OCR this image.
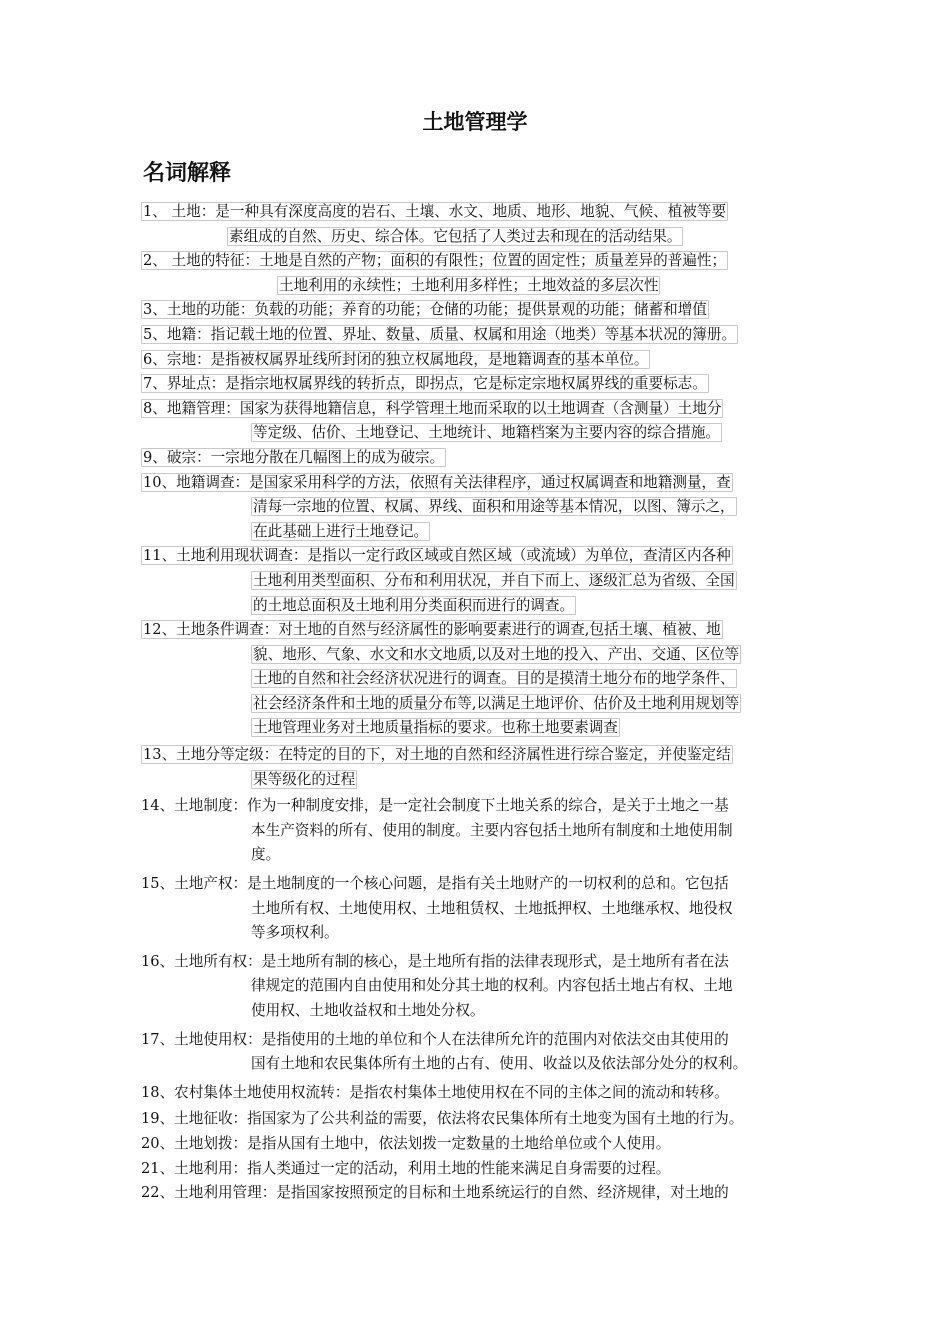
土地管理学
名词解释
1、 土地：是一种具有深度高度的岩石、土壤、水文、地质、地形、地貌、气候、植被等要
素组成的自然、历史、综合体。它包括了人类过去和现在的活动结果。
2、 土地的特征：土地是自然的产物；面积的有限性；位置的固定性；质量差异的普遍性；
土地利用的永续性；土地利用多样性；土地效益的多层次性
3、土地的功能：负载的功能；养育的功能；仓储的功能；提供景观的功能；储蓄和增值
5、地籍：指记载土地的位置、界址、数量、质量、权属和用途（地类）等基本状况的簿册。
6、宗地：是指被权属界址线所封闭的独立权属地段，是地籍调查的基本单位。
7、界址点：是指宗地权属界线的转折点，即拐点，它是标定宗地权属界线的重要标志。
8、地籍管理：国家为获得地籍信息，科学管理土地而采取的以土地调查（含测量）土地分
等定级、估价、土地登记、土地统计、地籍档案为主要内容的综合措施。
9、破宗：一宗地分散在几幅图上的成为破宗。
10、地籍调查：是国家采用科学的方法，依照有关法律程序，通过权属调查和地籍测量，查
清每一宗地的位置、权属、界线、面积和用途等基本情况，以图、簿示之，
在此基础上进行土地登记。
11、土地利用现状调查：是指以一定行政区域或自然区域（或流域）为单位，查清区内各种
土地利用类型面积、分布和利用状况，并自下而上、逐级汇总为省级、全国
的土地总面积及土地利用分类面积而进行的调查。
12、土地条件调查：对土地的自然与经济属性的影响要素进行的调查,包括土壤、植被、地
貌、地形、气象、水文和水文地质,以及对土地的投入、产出、交通、区位等
土地的自然和社会经济状况进行的调查。目的是摸清土地分布的地学条件、
社会经济条件和土地的质量分布等,以满足土地评价、估价及土地利用规划等
土地管理业务对土地质量指标的要求。也称土地要素调查
13、土地分等定级：在特定的目的下，对土地的自然和经济属性进行综合鉴定，并使鉴定结
果等级化的过程
14、土地制度：作为一种制度安排，是一定社会制度下土地关系的综合，是关于土地之一基
本生产资料的所有、使用的制度。主要内容包括土地所有制度和土地使用制
度。
15、土地产权：是土地制度的一个核心问题，是指有关土地财产的一切权利的总和。它包括
土地所有权、土地使用权、土地租赁权、土地抵押权、土地继承权、地役权
等多项权利。
16、土地所有权：是土地所有制的核心，是土地所有指的法律表现形式，是土地所有者在法
律规定的范围内自由使用和处分其土地的权利。内容包括土地占有权、土地
使用权、土地收益权和土地处分权。
17、土地使用权：是指使用的土地的单位和个人在法律所允许的范围内对依法交由其使用的
国有土地和农民集体所有土地的占有、使用、收益以及依法部分处分的权利。
18、农村集体土地使用权流转：是指农村集体土地使用权在不同的主体之间的流动和转移。
19、土地征收：指国家为了公共利益的需要，依法将农民集体所有土地变为国有土地的行为。
20、土地划拨：是指从国有土地中，依法划拨一定数量的土地给单位或个人使用。
21、土地利用：指人类通过一定的活动，利用土地的性能来满足自身需要的过程。
22、土地利用管理：是指国家按照预定的目标和土地系统运行的自然、经济规律，对土地的
